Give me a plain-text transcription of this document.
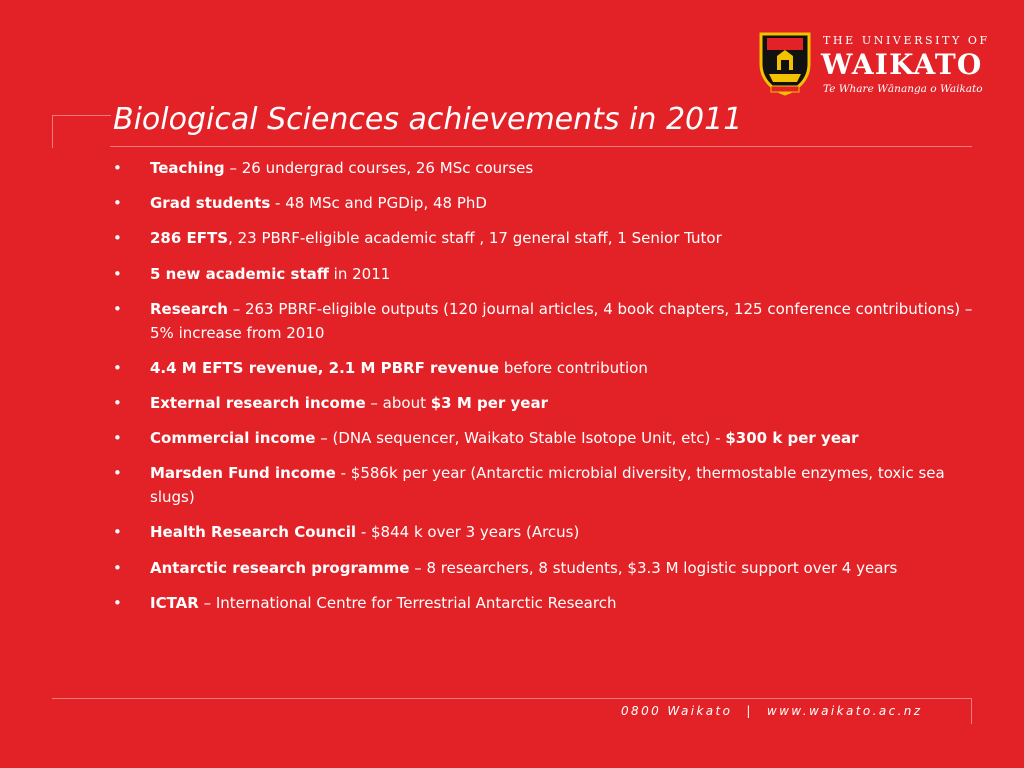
THE UNIVERSITY OF
WAIKATO
Te Whare Wānanga o Waikato
Biological Sciences achievements in 2011
• Teaching – 26 undergrad courses, 26 MSc courses
• Grad students - 48 MSc and PGDip, 48 PhD
• 286 EFTS, 23 PBRF-eligible academic staff , 17 general staff, 1 Senior Tutor
• 5 new academic staff in 2011
• Research – 263 PBRF-eligible outputs (120 journal articles, 4 book chapters, 125 conference contributions) – 5% increase from 2010
• 4.4 M EFTS revenue, 2.1 M PBRF revenue before contribution
• External research income – about $3 M per year
• Commercial income – (DNA sequencer, Waikato Stable Isotope Unit, etc) - $300 k per year
• Marsden Fund income - $586k per year (Antarctic microbial diversity, thermostable enzymes, toxic sea slugs)
• Health Research Council - $844 k over 3 years (Arcus)
• Antarctic research programme – 8 researchers, 8 students, $3.3 M logistic support over 4 years
• ICTAR – International Centre for Terrestrial Antarctic Research
0800 Waikato | www.waikato.ac.nz
